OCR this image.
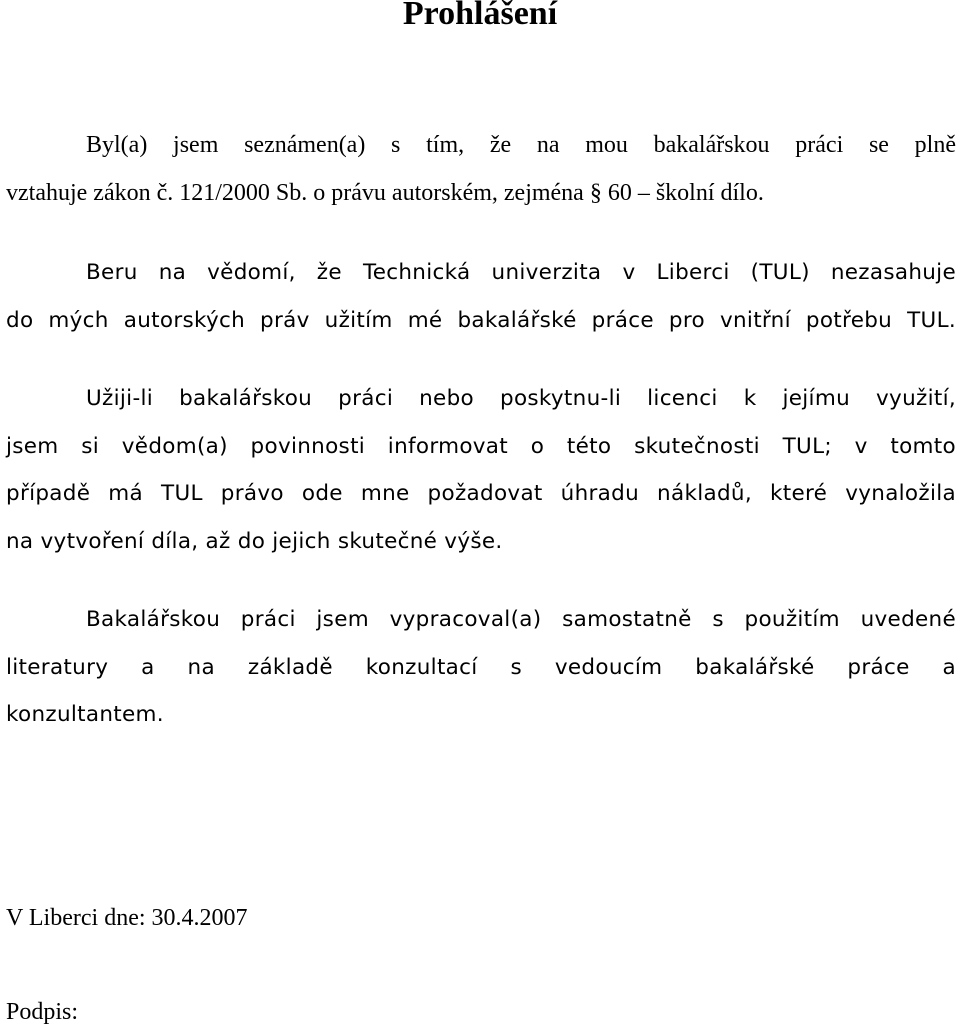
Prohlášení

Byl(a) jsem seznámen(a) s tím, že na mou bakalářskou práci se plně

vztahuje zákon č. 121/2000 Sb. o právu autorském, zejména § 60 – školní dílo.

Beru na vědomí, že Technická univerzita v Liberci (TUL) nezasahuje

do mých autorských práv užitím mé bakalářské práce pro vnitřní potřebu TUL.

Užiji-li bakalářskou práci nebo poskytnu-li licenci k jejímu využití,

jsem si vědom(a) povinnosti informovat o této skutečnosti TUL; v tomto

případě má TUL právo ode mne požadovat úhradu nákladů, které vynaložila

na vytvoření díla, až do jejich skutečné výše.

Bakalářskou práci jsem vypracoval(a) samostatně s použitím uvedené

literatury a na základě konzultací s vedoucím bakalářské práce a

konzultantem.

V Liberci dne: 30.4.2007

Podpis:
